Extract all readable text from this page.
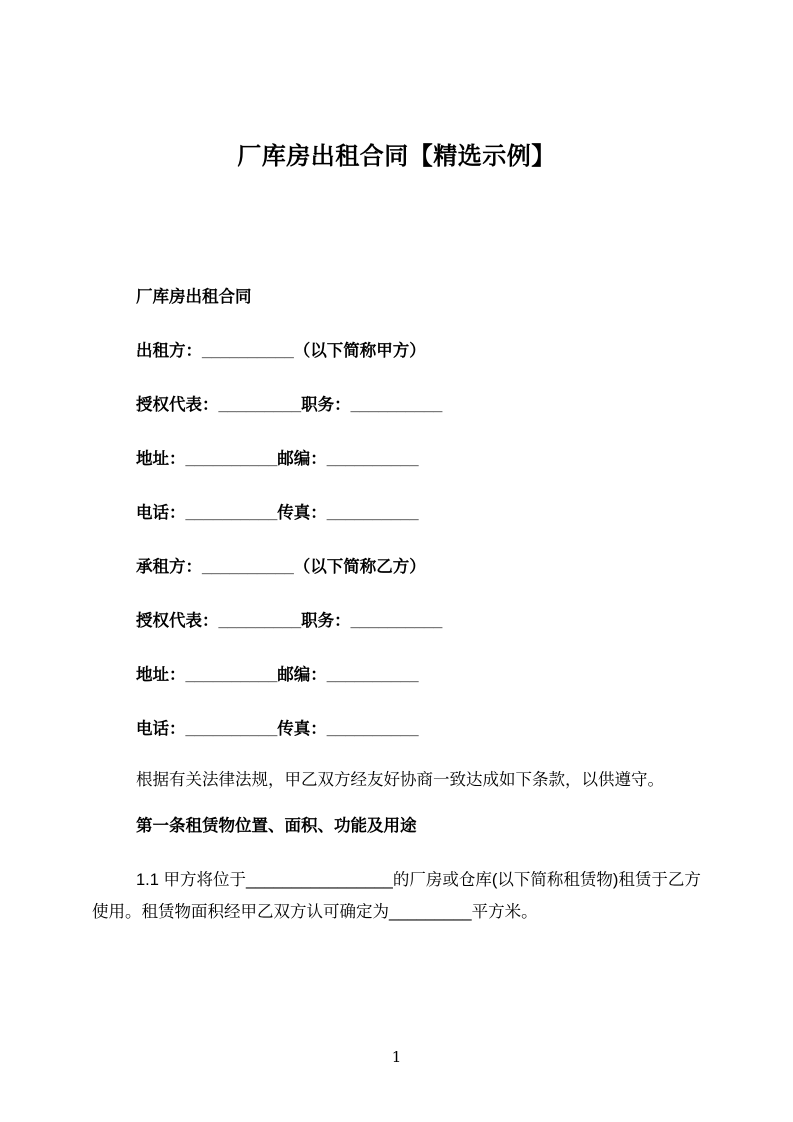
厂库房出租合同【精选示例】

厂库房出租合同

出租方：__________（以下简称甲方）

授权代表：_________职务：__________

地址：__________邮编：__________

电话：__________传真：__________

承租方：__________（以下简称乙方）

授权代表：_________职务：__________

地址：__________邮编：__________

电话：__________传真：__________

根据有关法律法规，甲乙双方经友好协商一致达成如下条款，以供遵守。

第一条租赁物位置、面积、功能及用途

1.1 甲方将位于________________的厂房或仓库(以下简称租赁物)租赁于乙方使用。租赁物面积经甲乙双方认可确定为_________平方米。

1
